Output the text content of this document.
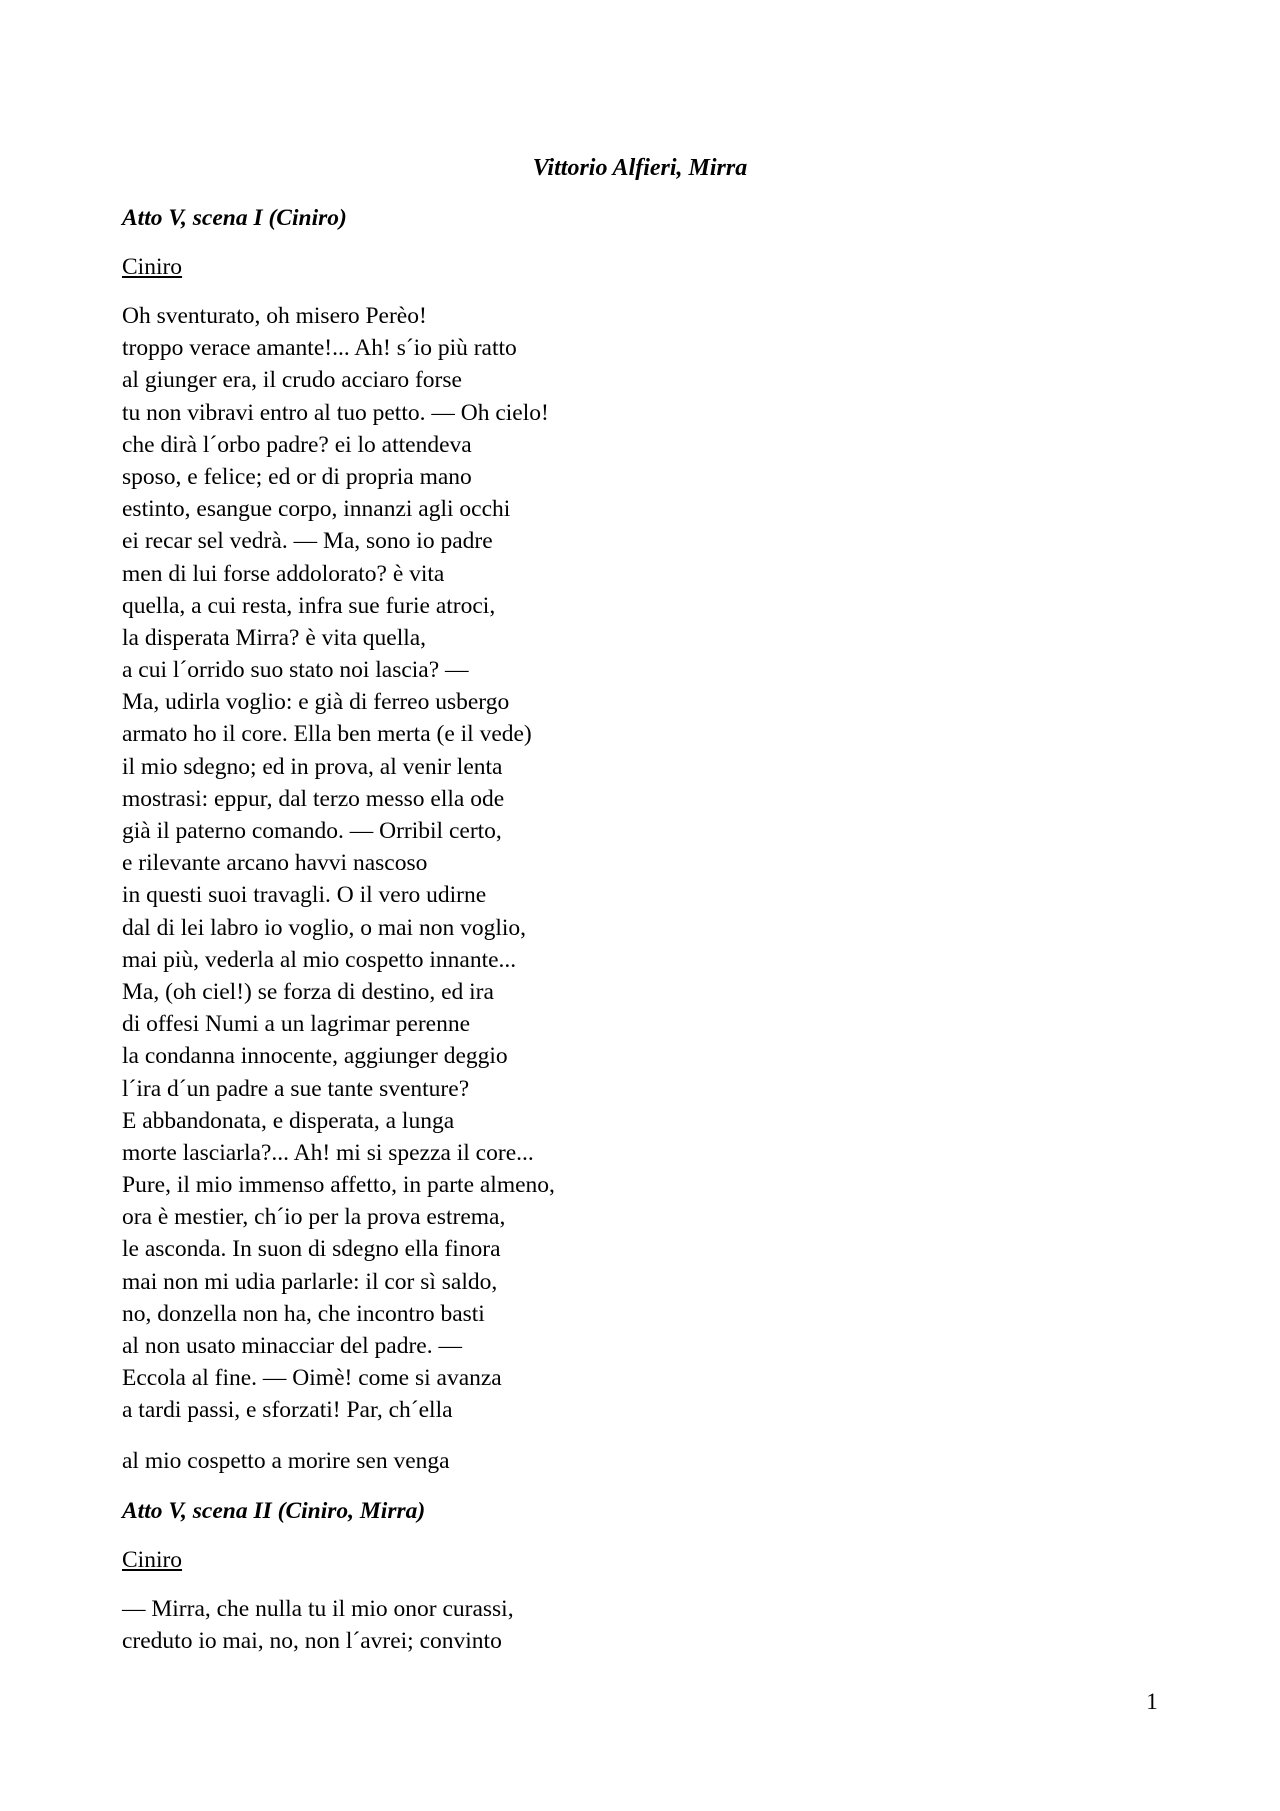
Vittorio Alfieri, Mirra

Atto V, scena I (Ciniro)

Ciniro

Oh sventurato, oh misero Perèo!
troppo verace amante!... Ah! s´io più ratto
al giunger era, il crudo acciaro forse
tu non vibravi entro al tuo petto. — Oh cielo!
che dirà l´orbo padre? ei lo attendeva
sposo, e felice; ed or di propria mano
estinto, esangue corpo, innanzi agli occhi
ei recar sel vedrà. — Ma, sono io padre
men di lui forse addolorato? è vita
quella, a cui resta, infra sue furie atroci,
la disperata Mirra? è vita quella,
a cui l´orrido suo stato noi lascia? —
Ma, udirla voglio: e già di ferreo usbergo
armato ho il core. Ella ben merta (e il vede)
il mio sdegno; ed in prova, al venir lenta
mostrasi: eppur, dal terzo messo ella ode
già il paterno comando. — Orribil certo,
e rilevante arcano havvi nascoso
in questi suoi travagli. O il vero udirne
dal di lei labro io voglio, o mai non voglio,
mai più, vederla al mio cospetto innante...
Ma, (oh ciel!) se forza di destino, ed ira
di offesi Numi a un lagrimar perenne
la condanna innocente, aggiunger deggio
l´ira d´un padre a sue tante sventure?
E abbandonata, e disperata, a lunga
morte lasciarla?... Ah! mi si spezza il core...
Pure, il mio immenso affetto, in parte almeno,
ora è mestier, ch´io per la prova estrema,
le asconda. In suon di sdegno ella finora
mai non mi udia parlarle: il cor sì saldo,
no, donzella non ha, che incontro basti
al non usato minacciar del padre. —
Eccola al fine. — Oimè! come si avanza
a tardi passi, e sforzati! Par, ch´ella
al mio cospetto a morire sen venga

Atto V, scena II (Ciniro, Mirra)

Ciniro

— Mirra, che nulla tu il mio onor curassi,
creduto io mai, no, non l´avrei; convinto
1
